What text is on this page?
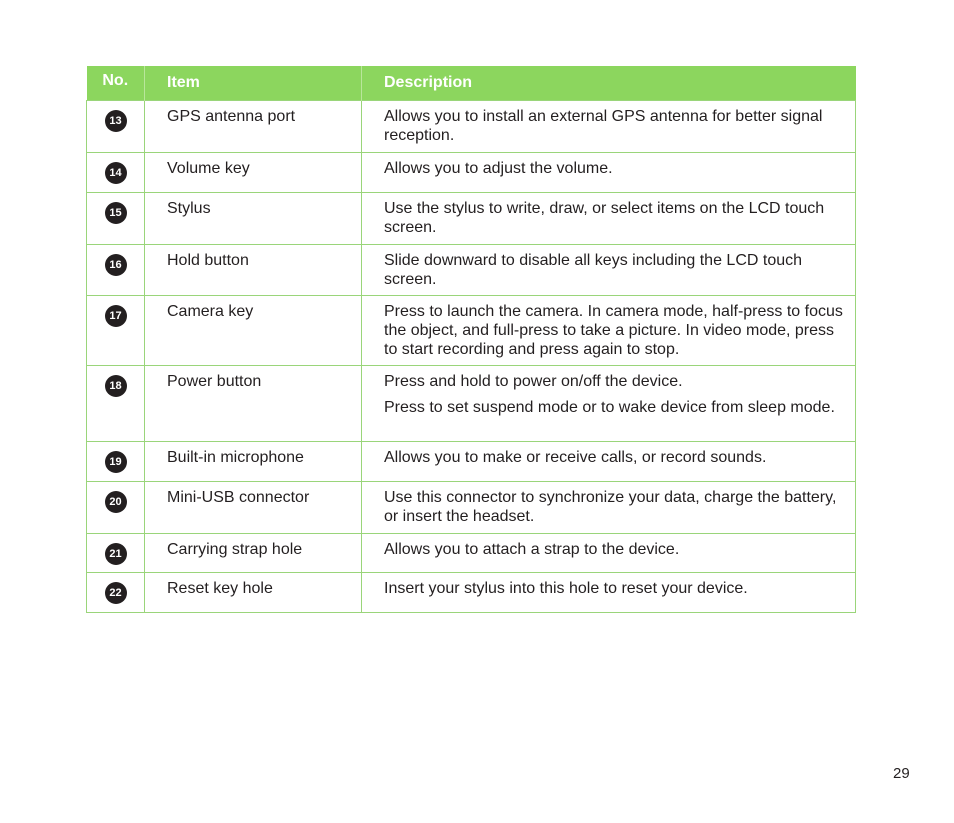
No.	Item	Description
13	GPS antenna port	Allows you to install an external GPS antenna for better signal reception.

14	Volume key	Allows you to adjust the volume.

15	Stylus	Use the stylus to write, draw, or select items on the LCD touch screen.

16	Hold button	Slide downward to disable all keys including the LCD touch screen.

17	Camera key	Press to launch the camera. In camera mode, half-press to focus the object, and full-press to take a picture. In video mode, press to start recording and press again to stop.

18	Power button	Press and hold to power on/off the device.

Press to set suspend mode or to wake device from sleep mode.

19	Built-in microphone	Allows you to make or receive calls, or record sounds.

20	Mini-USB connector	Use this connector to synchronize your data, charge the battery, or insert the headset.

21	Carrying strap hole	Allows you to attach a strap to the device.

22	Reset key hole	Insert your stylus into this hole to reset your device.

29
